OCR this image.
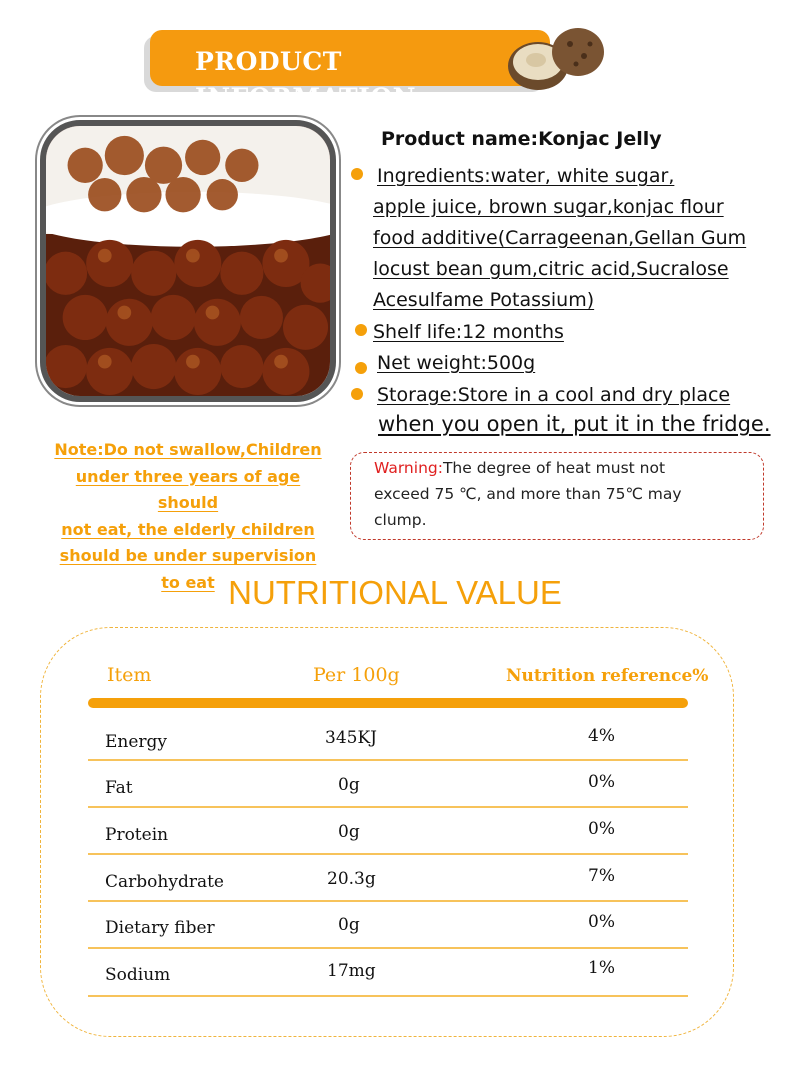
PRODUCT INFORMATION
Product name:Konjac Jelly
Ingredients:water, white sugar,
apple juice, brown sugar,konjac flour
food additive(Carrageenan,Gellan Gum
locust bean gum,citric acid,Sucralose
Acesulfame Potassium)
Shelf life:12 months
Net weight:500g
Storage:Store in a cool and dry place
when you open it, put it in the fridge.
Note:Do not swallow,Children
under three years of age should
not eat, the elderly children
should be under supervision
to eat
Warning:The degree of heat must not
exceed 75 ℃, and more than 75℃ may
clump.
NUTRITIONAL VALUE
Item	Per 100g	Nutrition reference%
Energy	345KJ	4%
Fat	0g	0%
Protein	0g	0%
Carbohydrate	20.3g	7%
Dietary fiber	0g	0%
Sodium	17mg	1%
